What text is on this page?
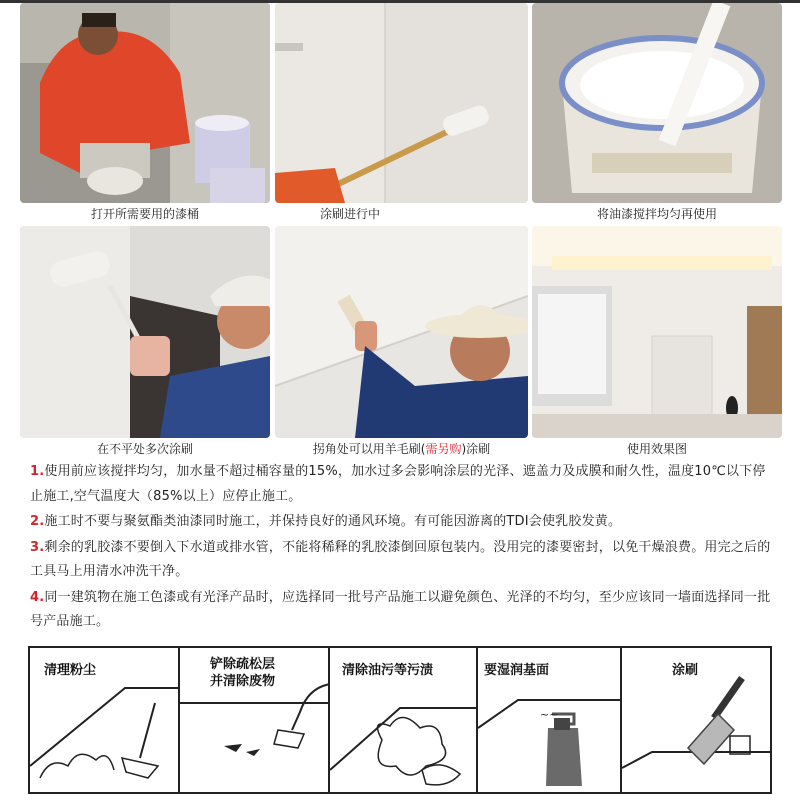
打开所需要用的漆桶	涂刷进行中	将油漆搅拌均匀再使用
在不平处多次涂刷	拐角处可以用羊毛刷(需另购)涂刷	使用效果图
1.使用前应该搅拌均匀，加水量不超过桶容量的15%，加水过多会影响涂层的光泽、遮盖力及成膜和耐久性，温度10℃以下停止施工,空气温度大（85%以上）应停止施工。
2.施工时不要与聚氨酯类油漆同时施工，并保持良好的通风环境。有可能因游离的TDI会使乳胶发黄。
3.剩余的乳胶漆不要倒入下水道或排水管，不能将稀释的乳胶漆倒回原包装内。没用完的漆要密封，以免干燥浪费。用完之后的工具马上用清水冲洗干净。
4.同一建筑物在施工色漆或有光泽产品时，应选择同一批号产品施工以避免颜色、光泽的不均匀，至少应该同一墙面选择同一批号产品施工。
清理粉尘	铲除疏松层
并清除废物
清除油污等污渍	要湿润基面
~~
涂刷
